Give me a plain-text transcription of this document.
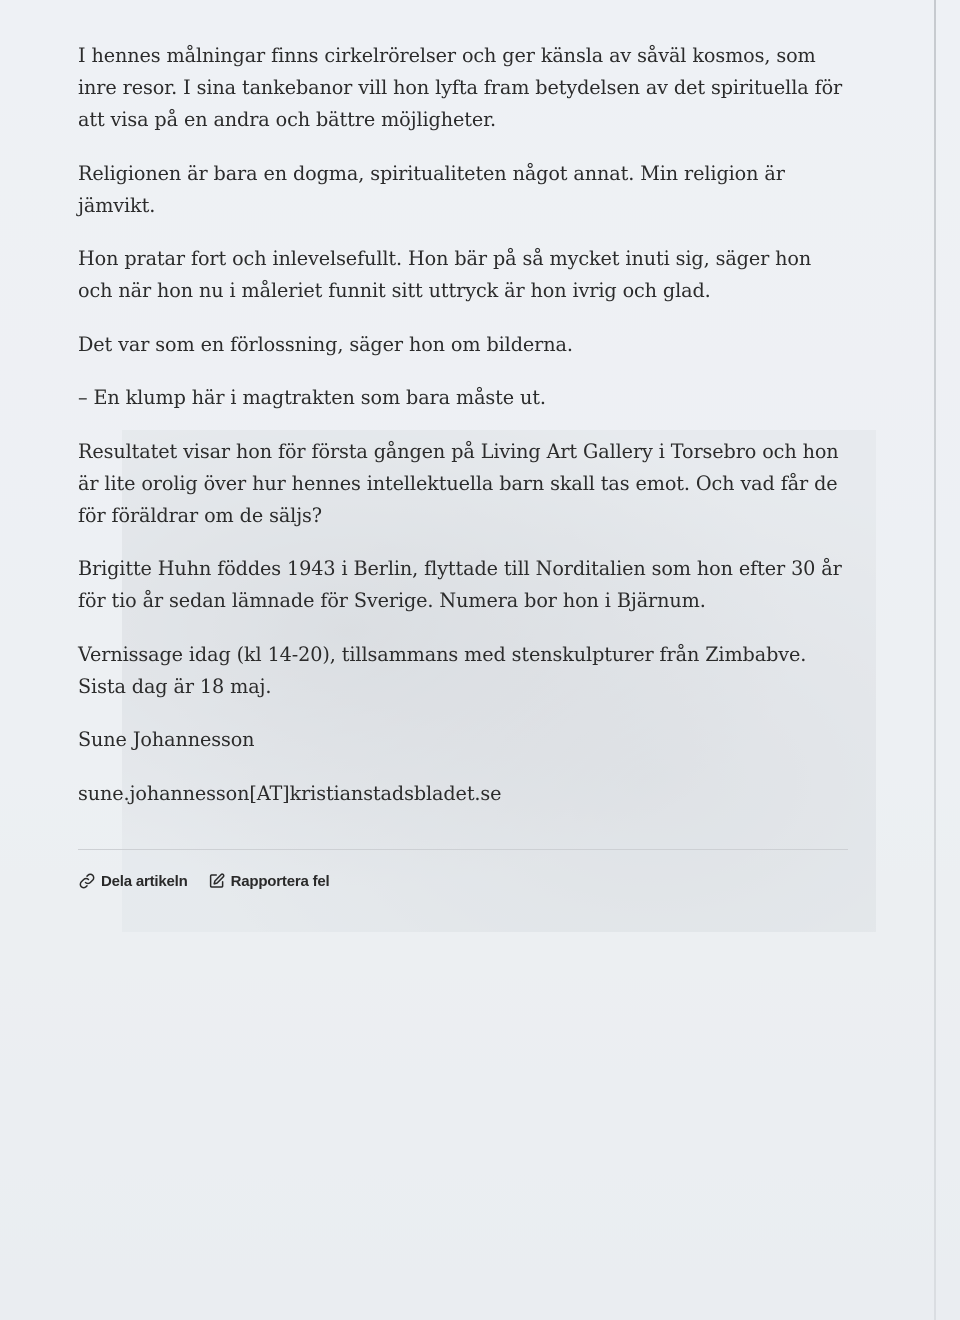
I hennes målningar finns cirkelrörelser och ger känsla av såväl kosmos, som inre resor. I sina tankebanor vill hon lyfta fram betydelsen av det spirituella för att visa på en andra och bättre möjligheter.

Religionen är bara en dogma, spiritualiteten något annat. Min religion är jämvikt.

Hon pratar fort och inlevelsefullt. Hon bär på så mycket inuti sig, säger hon och när hon nu i måleriet funnit sitt uttryck är hon ivrig och glad.

Det var som en förlossning, säger hon om bilderna.

– En klump här i magtrakten som bara måste ut.

Resultatet visar hon för första gången på Living Art Gallery i Torsebro och hon är lite orolig över hur hennes intellektuella barn skall tas emot. Och vad får de för föräldrar om de säljs?

Brigitte Huhn föddes 1943 i Berlin, flyttade till Norditalien som hon efter 30 år för tio år sedan lämnade för Sverige. Numera bor hon i Bjärnum.

Vernissage idag (kl 14-20), tillsammans med stenskulpturer från Zimbabve. Sista dag är 18 maj.

Sune Johannesson

sune.johannesson[AT]kristianstadsbladet.se

Dela artikeln	Rapportera fel
